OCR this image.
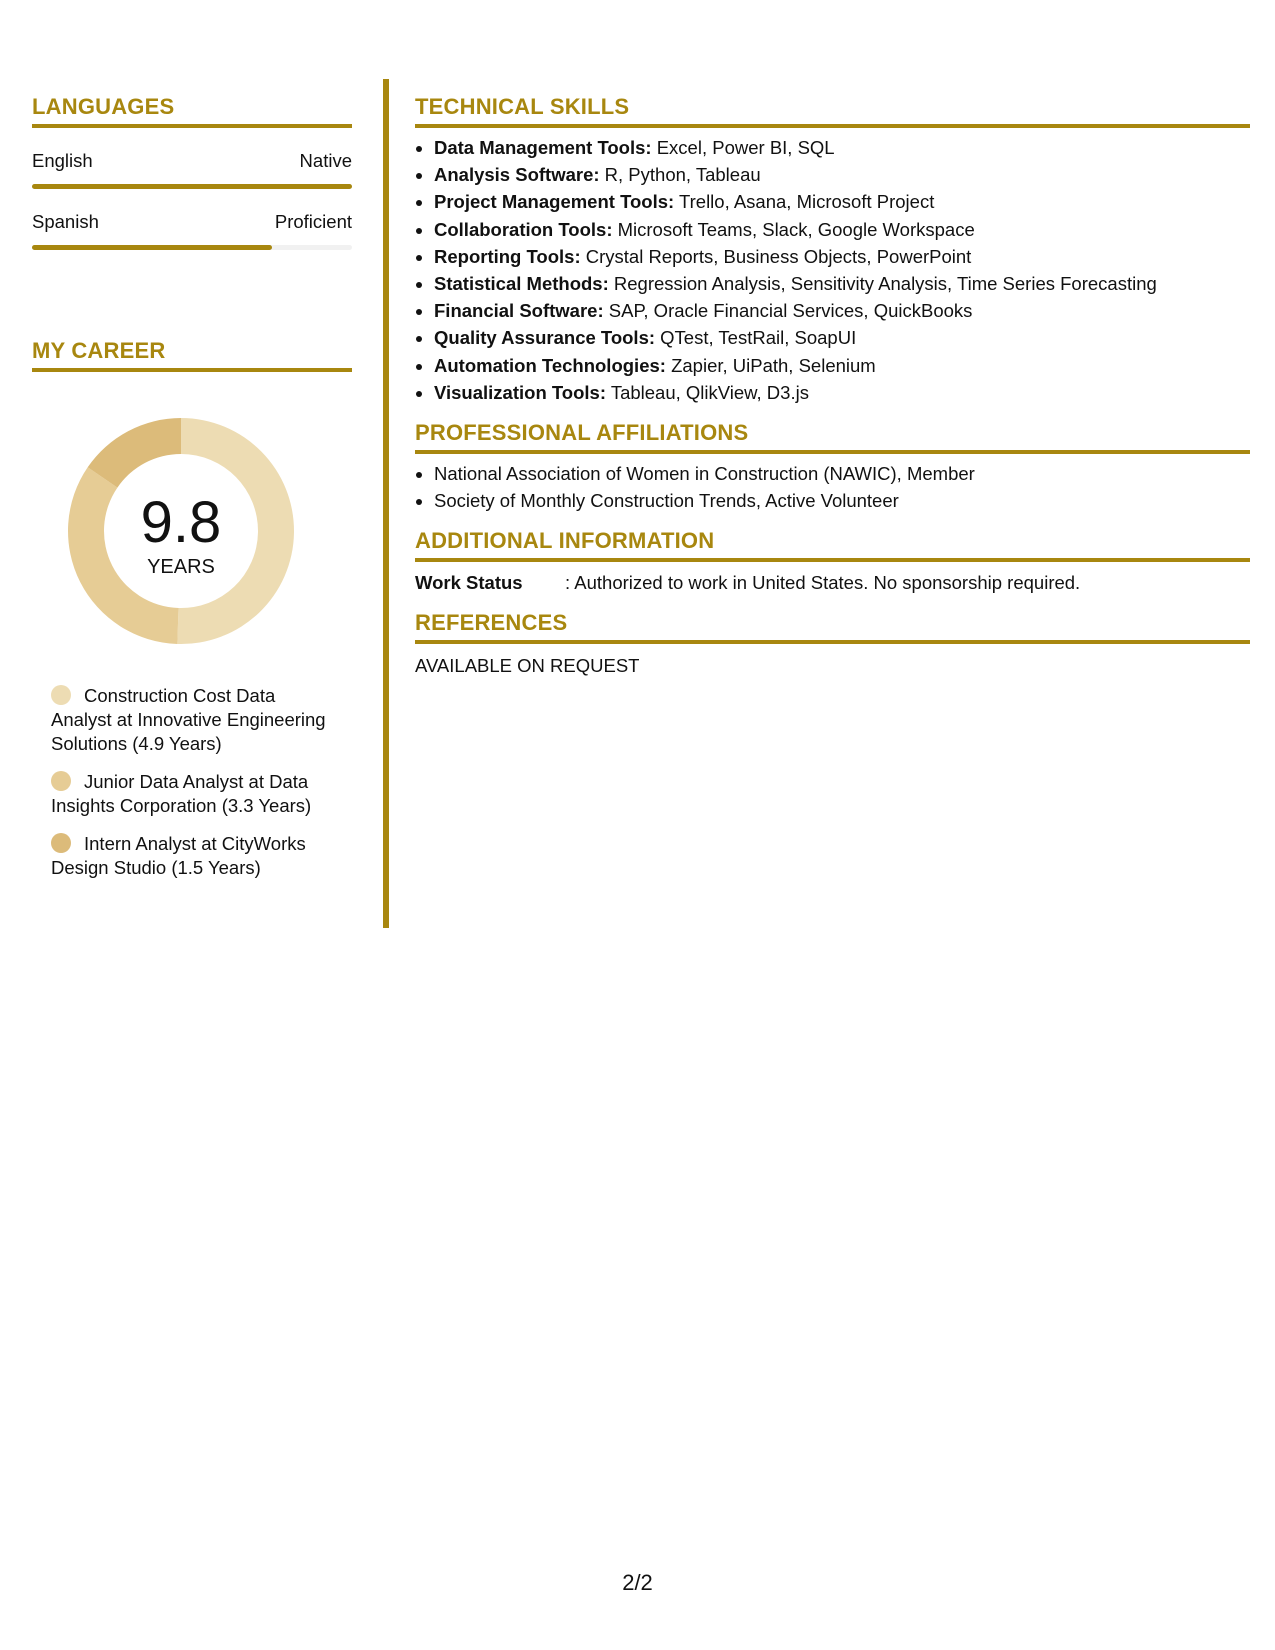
LANGUAGES
English	Native
Spanish	Proficient
MY CAREER
9.8
YEARS
Construction Cost Data Analyst at Innovative Engineering Solutions (4.9 Years)
Junior Data Analyst at Data Insights Corporation (3.3 Years)
Intern Analyst at CityWorks Design Studio (1.5 Years)
TECHNICAL SKILLS
• Data Management Tools: Excel, Power BI, SQL
• Analysis Software: R, Python, Tableau
• Project Management Tools: Trello, Asana, Microsoft Project
• Collaboration Tools: Microsoft Teams, Slack, Google Workspace
• Reporting Tools: Crystal Reports, Business Objects, PowerPoint
• Statistical Methods: Regression Analysis, Sensitivity Analysis, Time Series Forecasting
• Financial Software: SAP, Oracle Financial Services, QuickBooks
• Quality Assurance Tools: QTest, TestRail, SoapUI
• Automation Technologies: Zapier, UiPath, Selenium
• Visualization Tools: Tableau, QlikView, D3.js
PROFESSIONAL AFFILIATIONS
• National Association of Women in Construction (NAWIC), Member
• Society of Monthly Construction Trends, Active Volunteer
ADDITIONAL INFORMATION
Work Status	: Authorized to work in United States. No sponsorship required.
REFERENCES
AVAILABLE ON REQUEST
2/2
